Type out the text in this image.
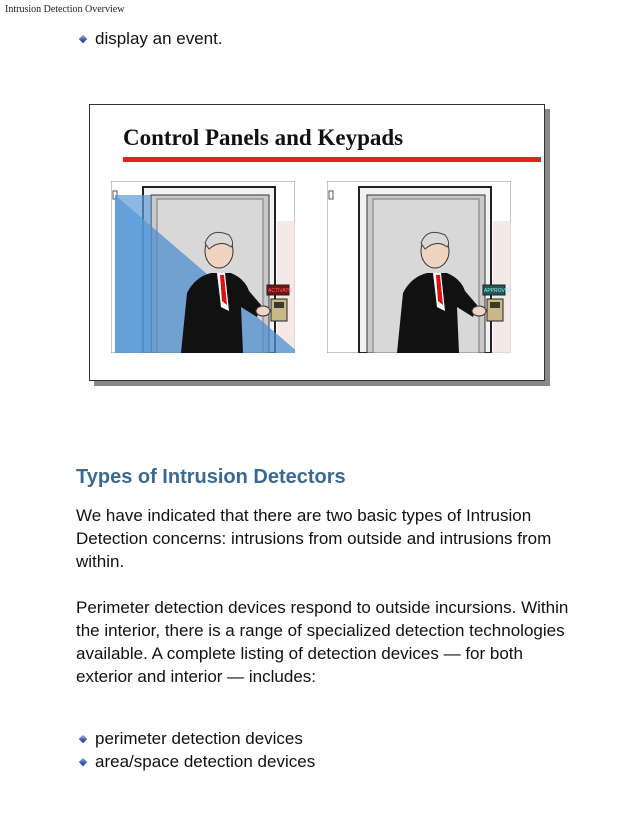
Intrusion Detection Overview
display an event.
Control Panels and Keypads
ACTIVATE	APPROVED
Types of Intrusion Detectors
We have indicated that there are two basic types of Intrusion Detection concerns: intrusions from outside and intrusions from within.
Perimeter detection devices respond to outside incursions. Within the interior, there is a range of specialized detection technologies available. A complete listing of detection devices — for both exterior and interior — includes:
perimeter detection devices
area/space detection devices
